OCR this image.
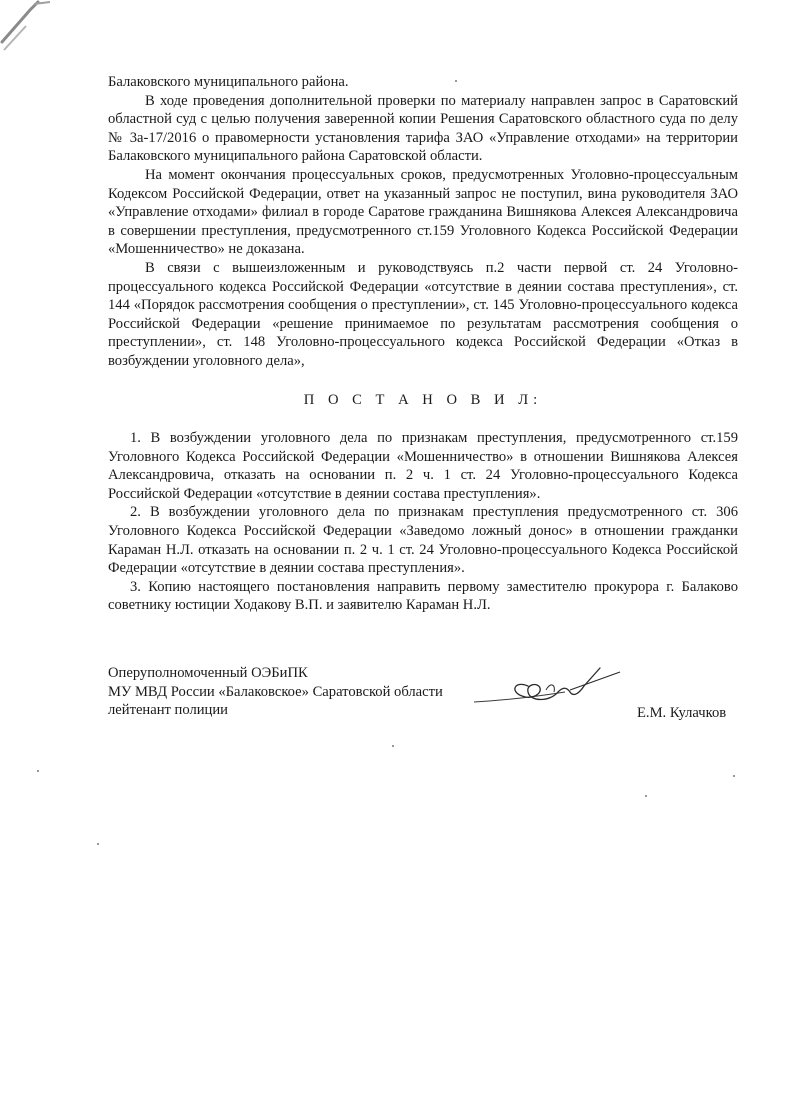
Балаковского муниципального района.

В ходе проведения дополнительной проверки по материалу направлен запрос в Саратовский областной суд с целью получения заверенной копии Решения Саратовского областного суда по делу № 3а-17/2016 о правомерности установления тарифа ЗАО «Управление отходами» на территории Балаковского муниципального района Саратовской области.

На момент окончания процессуальных сроков, предусмотренных Уголовно-процессуальным Кодексом Российской Федерации, ответ на указанный запрос не поступил, вина руководителя ЗАО «Управление отходами» филиал в городе Саратове гражданина Вишнякова Алексея Александровича в совершении преступления, предусмотренного ст.159 Уголовного Кодекса Российской Федерации «Мошенничество» не доказана.

В связи с вышеизложенным и руководствуясь п.2 части первой ст. 24 Уголовно-процессуального кодекса Российской Федерации «отсутствие в деянии состава преступления», ст. 144 «Порядок рассмотрения сообщения о преступлении», ст. 145 Уголовно-процессуального кодекса Российской Федерации «решение принимаемое по результатам рассмотрения сообщения о преступлении», ст. 148 Уголовно-процессуального кодекса Российской Федерации «Отказ в возбуждении уголовного дела»,

П О С Т А Н О В И Л:

1. В возбуждении уголовного дела по признакам преступления, предусмотренного ст.159 Уголовного Кодекса Российской Федерации «Мошенничество» в отношении Вишнякова Алексея Александровича, отказать на основании п. 2 ч. 1 ст. 24 Уголовно-процессуального Кодекса Российской Федерации «отсутствие в деянии состава преступления».

2. В возбуждении уголовного дела по признакам преступления предусмотренного ст. 306 Уголовного Кодекса Российской Федерации «Заведомо ложный донос» в отношении гражданки Караман Н.Л. отказать на основании п. 2 ч. 1 ст. 24 Уголовно-процессуального Кодекса Российской Федерации «отсутствие в деянии состава преступления».

3. Копию настоящего постановления направить первому заместителю прокурора г. Балаково советнику юстиции Ходакову В.П. и заявителю Караман Н.Л.

Оперуполномоченный ОЭБиПК

МУ МВД России «Балаковское» Саратовской области

лейтенант полиции	Е.М. Кулачков
